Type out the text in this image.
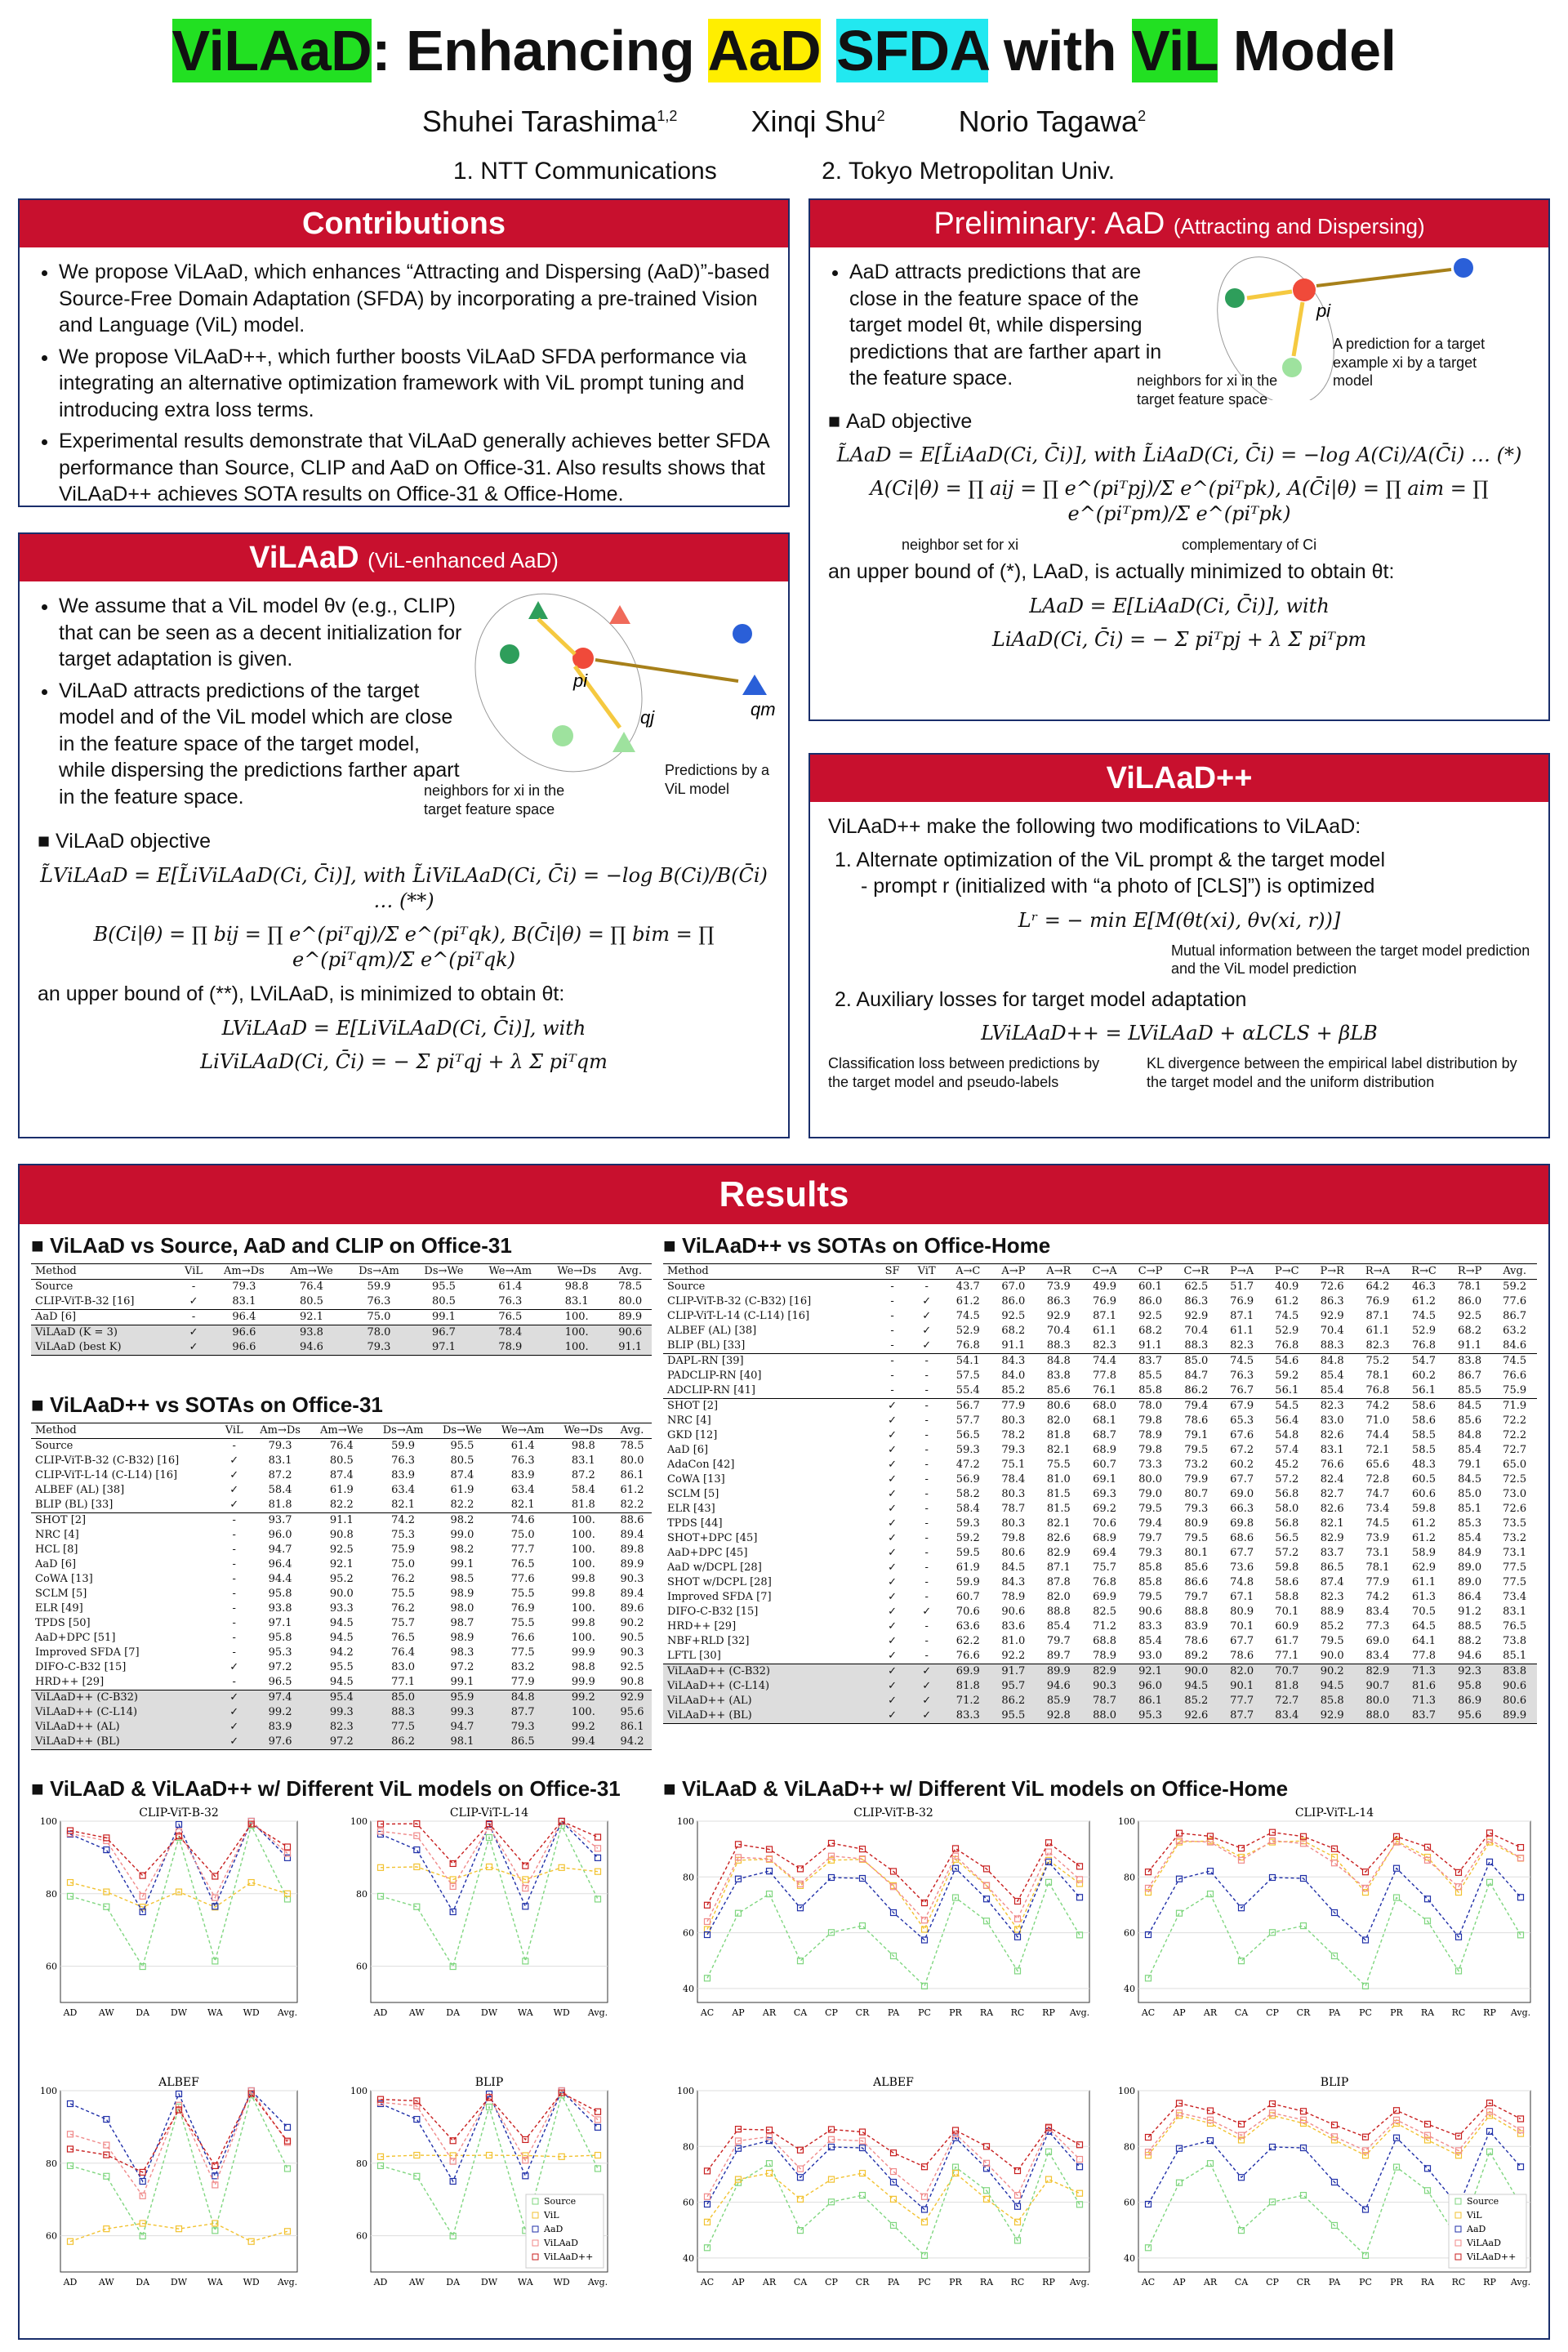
ViLAaD: Enhancing AaD SFDA with ViL Model
Shuhei Tarashima$^{1,2}$	Xinqi Shu$^2$	Norio Tagawa$^2$
1. NTT Communications	2. Tokyo Metropolitan Univ.
Contributions
• We propose ViLAaD, which enhances “Attracting and Dispersing (AaD)”-based Source-Free Domain Adaptation (SFDA) by incorporating a pre-trained Vision and Language (ViL) model.
• We propose ViLAaD++, which further boosts ViLAaD SFDA performance via integrating an alternative optimization framework with ViL prompt tuning and introducing extra loss terms.
• Experimental results demonstrate that ViLAaD generally achieves better SFDA performance than Source, CLIP and AaD on Office-31. Also results shows that ViLAaD++ achieves SOTA results on Office-31 & Office-Home.
ViLAaD (ViL-enhanced AaD)
• We assume that a ViL model θv (e.g., CLIP) that can be seen as a decent initialization for target adaptation is given.
• ViLAaD attracts predictions of the target model and of the ViL model which are close in the feature space of the target model, while dispersing the predictions farther apart in the feature space.
pi
qj	qm
neighbors for xi in the target feature space
Predictions by a ViL model
■ ViLAaD objective
L̃ViLAaD = E[L̃iViLAaD(Ci, C̄i)], with L̃iViLAaD(Ci, C̄i) = −log B(Ci)/B(C̄i) … (**)
B(Ci|θ) = ∏ bij = ∏ e^(piᵀqj)/Σ e^(piᵀqk), B(C̄i|θ) = ∏ bim = ∏ e^(piᵀqm)/Σ e^(piᵀqk)
an upper bound of (**), LViLAaD, is minimized to obtain θt:
LViLAaD = E[LiViLAaD(Ci, C̄i)], with
LiViLAaD(Ci, C̄i) = − Σ piᵀqj + λ Σ piᵀqm
Preliminary: AaD (Attracting and Dispersing)
• AaD attracts predictions that are close in the feature space of the target model θt, while dispersing predictions that are farther apart in the feature space.
pi
A prediction for a target example xi by a target model
neighbors for xi in the target feature space
■ AaD objective
L̃AaD = E[L̃iAaD(Ci, C̄i)], with L̃iAaD(Ci, C̄i) = −log A(Ci)/A(C̄i) … (*)
A(Ci|θ) = ∏ aij = ∏ e^(piᵀpj)/Σ e^(piᵀpk), A(C̄i|θ) = ∏ aim = ∏ e^(piᵀpm)/Σ e^(piᵀpk)
neighbor set for xi	complementary of Ci
an upper bound of (*), LAaD, is actually minimized to obtain θt:
LAaD = E[LiAaD(Ci, C̄i)], with
LiAaD(Ci, C̄i) = − Σ piᵀpj + λ Σ piᵀpm
ViLAaD++
ViLAaD++ make the following two modifications to ViLAaD:
1. Alternate optimization of the ViL prompt & the target model
- prompt r (initialized with “a photo of [CLS]”) is optimized
Lʳ = − min E[M(θt(xi), θv(xi, r))]
Mutual information between the target model prediction and the ViL model prediction
2. Auxiliary losses for target model adaptation
LViLAaD++ = LViLAaD + αLCLS + βLB
Classification loss between predictions by the target model and pseudo-labels
KL divergence between the empirical label distribution by the target model and the uniform distribution
Results
■ ViLAaD vs Source, AaD and CLIP on Office-31
■ ViLAaD++ vs SOTAs on Office-31
■ ViLAaD++ vs SOTAs on Office-Home
■ ViLAaD & ViLAaD++ w/ Different ViL models on Office-31 ■ ViLAaD & ViLAaD++ w/ Different ViL models on Office-Home
Method	ViL	Am→Ds	Am→We	Ds→Am	Ds→We	We→Am	We→Ds	Avg.
Source	-	79.3	76.4	59.9	95.5	61.4	98.8	78.5
CLIP-ViT-B-32 [16]	✓	83.1	80.5	76.3	80.5	76.3	83.1	80.0
AaD [6]	-	96.4	92.1	75.0	99.1	76.5	100.	89.9
ViLAaD (K = 3)	✓	96.6	93.8	78.0	96.7	78.4	100.	90.6
ViLAaD (best K)	✓	96.6	94.6	79.3	97.1	78.9	100.	91.1
Method	ViL	Am→Ds	Am→We	Ds→Am	Ds→We	We→Am	We→Ds	Avg.
Source	-	79.3	76.4	59.9	95.5	61.4	98.8	78.5
CLIP-ViT-B-32 (C-B32) [16]	✓	83.1	80.5	76.3	80.5	76.3	83.1	80.0
CLIP-ViT-L-14 (C-L14) [16]	✓	87.2	87.4	83.9	87.4	83.9	87.2	86.1
ALBEF (AL) [38]	✓	58.4	61.9	63.4	61.9	63.4	58.4	61.2
BLIP (BL) [33]	✓	81.8	82.2	82.1	82.2	82.1	81.8	82.2
SHOT [2]	-	93.7	91.1	74.2	98.2	74.6	100.	88.6
NRC [4]	-	96.0	90.8	75.3	99.0	75.0	100.	89.4
HCL [8]	-	94.7	92.5	75.9	98.2	77.7	100.	89.8
AaD [6]	-	96.4	92.1	75.0	99.1	76.5	100.	89.9
CoWA [13]	-	94.4	95.2	76.2	98.5	77.6	99.8	90.3
SCLM [5]	-	95.8	90.0	75.5	98.9	75.5	99.8	89.4
ELR [49]	-	93.8	93.3	76.2	98.0	76.9	100.	89.6
TPDS [50]	-	97.1	94.5	75.7	98.7	75.5	99.8	90.2
AaD+DPC [51]	-	95.8	94.5	76.5	98.9	76.6	100.	90.5
Improved SFDA [7]	-	95.3	94.2	76.4	98.3	77.5	99.9	90.3
DIFO-C-B32 [15]	✓	97.2	95.5	83.0	97.2	83.2	98.8	92.5
HRD++ [29]	-	96.5	94.5	77.1	99.1	77.9	99.9	90.8
ViLAaD++ (C-B32)	✓	97.4	95.4	85.0	95.9	84.8	99.2	92.9
ViLAaD++ (C-L14)	✓	99.2	99.3	88.3	99.3	87.7	100.	95.6
ViLAaD++ (AL)	✓	83.9	82.3	77.5	94.7	79.3	99.2	86.1
ViLAaD++ (BL)	✓	97.6	97.2	86.2	98.1	86.5	99.4	94.2
Method	SF	ViT	A→C	A→P	A→R	C→A	C→P	C→R	P→A	P→C	P→R	R→A	R→C	R→P	Avg.
Source	-	-	43.7	67.0	73.9	49.9	60.1	62.5	51.7	40.9	72.6	64.2	46.3	78.1	59.2
CLIP-ViT-B-32 (C-B32) [16]	-	✓	61.2	86.0	86.3	76.9	86.0	86.3	76.9	61.2	86.3	76.9	61.2	86.0	77.6
CLIP-ViT-L-14 (C-L14) [16]	-	✓	74.5	92.5	92.9	87.1	92.5	92.9	87.1	74.5	92.9	87.1	74.5	92.5	86.7
ALBEF (AL) [38]	-	✓	52.9	68.2	70.4	61.1	68.2	70.4	61.1	52.9	70.4	61.1	52.9	68.2	63.2
BLIP (BL) [33]	-	✓	76.8	91.1	88.3	82.3	91.1	88.3	82.3	76.8	88.3	82.3	76.8	91.1	84.6
DAPL-RN [39]	-	-	54.1	84.3	84.8	74.4	83.7	85.0	74.5	54.6	84.8	75.2	54.7	83.8	74.5
PADCLIP-RN [40]	-	-	57.5	84.0	83.8	77.8	85.5	84.7	76.3	59.2	85.4	78.1	60.2	86.7	76.6
ADCLIP-RN [41]	-	-	55.4	85.2	85.6	76.1	85.8	86.2	76.7	56.1	85.4	76.8	56.1	85.5	75.9
SHOT [2]	✓	-	56.7	77.9	80.6	68.0	78.0	79.4	67.9	54.5	82.3	74.2	58.6	84.5	71.9
NRC [4]	✓	-	57.7	80.3	82.0	68.1	79.8	78.6	65.3	56.4	83.0	71.0	58.6	85.6	72.2
GKD [12]	✓	-	56.5	78.2	81.8	68.7	78.9	79.1	67.6	54.8	82.6	74.4	58.5	84.8	72.2
AaD [6]	✓	-	59.3	79.3	82.1	68.9	79.8	79.5	67.2	57.4	83.1	72.1	58.5	85.4	72.7
AdaCon [42]	✓	-	47.2	75.1	75.5	60.7	73.3	73.2	60.2	45.2	76.6	65.6	48.3	79.1	65.0
CoWA [13]	✓	-	56.9	78.4	81.0	69.1	80.0	79.9	67.7	57.2	82.4	72.8	60.5	84.5	72.5
SCLM [5]	✓	-	58.2	80.3	81.5	69.3	79.0	80.7	69.0	56.8	82.7	74.7	60.6	85.0	73.0
ELR [43]	✓	-	58.4	78.7	81.5	69.2	79.5	79.3	66.3	58.0	82.6	73.4	59.8	85.1	72.6
TPDS [44]	✓	-	59.3	80.3	82.1	70.6	79.4	80.9	69.8	56.8	82.1	74.5	61.2	85.3	73.5
SHOT+DPC [45]	✓	-	59.2	79.8	82.6	68.9	79.7	79.5	68.6	56.5	82.9	73.9	61.2	85.4	73.2
AaD+DPC [45]	✓	-	59.5	80.6	82.9	69.4	79.3	80.1	67.7	57.2	83.7	73.1	58.9	84.9	73.1
AaD w/DCPL [28]	✓	-	61.9	84.5	87.1	75.7	85.8	85.6	73.6	59.8	86.5	78.1	62.9	89.0	77.5
SHOT w/DCPL [28]	✓	-	59.9	84.3	87.8	76.8	85.8	86.6	74.8	58.6	87.4	77.9	61.1	89.0	77.5
Improved SFDA [7]	✓	-	60.7	78.9	82.0	69.9	79.5	79.7	67.1	58.8	82.3	74.2	61.3	86.4	73.4
DIFO-C-B32 [15]	✓	✓	70.6	90.6	88.8	82.5	90.6	88.8	80.9	70.1	88.9	83.4	70.5	91.2	83.1
HRD++ [29]	✓	-	63.6	83.6	85.4	71.2	83.3	83.9	70.1	60.9	85.2	77.3	64.5	88.5	76.5
NBF+RLD [32]	✓	-	62.2	81.0	79.7	68.8	85.4	78.6	67.7	61.7	79.5	69.0	64.1	88.2	73.8
LFTL [30]	✓	-	76.6	92.2	89.7	78.9	93.0	89.2	78.6	77.1	90.0	83.4	77.8	94.6	85.1
ViLAaD++ (C-B32)	✓	✓	69.9	91.7	89.9	82.9	92.1	90.0	82.0	70.7	90.2	82.9	71.3	92.3	83.8
ViLAaD++ (C-L14)	✓	✓	81.8	95.7	94.6	90.3	96.0	94.5	90.1	81.8	94.5	90.7	81.6	95.8	90.6
ViLAaD++ (AL)	✓	✓	71.2	86.2	85.9	78.7	86.1	85.2	77.7	72.7	85.8	80.0	71.3	86.9	80.6
ViLAaD++ (BL)	✓	✓	83.3	95.5	92.8	88.0	95.3	92.6	87.7	83.4	92.9	88.0	83.7	95.6	89.9
CLIP-ViT-B-32
60
80
100
AD AW DA DW WA WD Avg.
CLIP-ViT-L-14
60
80
100
AD AW DA DW WA WD Avg.
ALBEF
60
80
100
AD AW DA DW WA WD Avg.
BLIP
60
80
100
AD AW DA DW WA WD Avg.
Source
ViL
AaD
ViLAaD
ViLAaD++
CLIP-ViT-B-32
40
60
80
100
AC AP AR CA CP CR PA PC PR RA RC RP Avg.
CLIP-ViT-L-14
40
60
80
100
AC AP AR CA CP CR PA PC PR RA RC RP Avg.
ALBEF
40
60
80
100
AC AP AR CA CP CR PA PC PR RA RC RP Avg.
BLIP
40
60
80
100
AC AP AR CA CP CR PA PC PR RA RC RP Avg.
Source
ViL
AaD
ViLAaD
ViLAaD++
